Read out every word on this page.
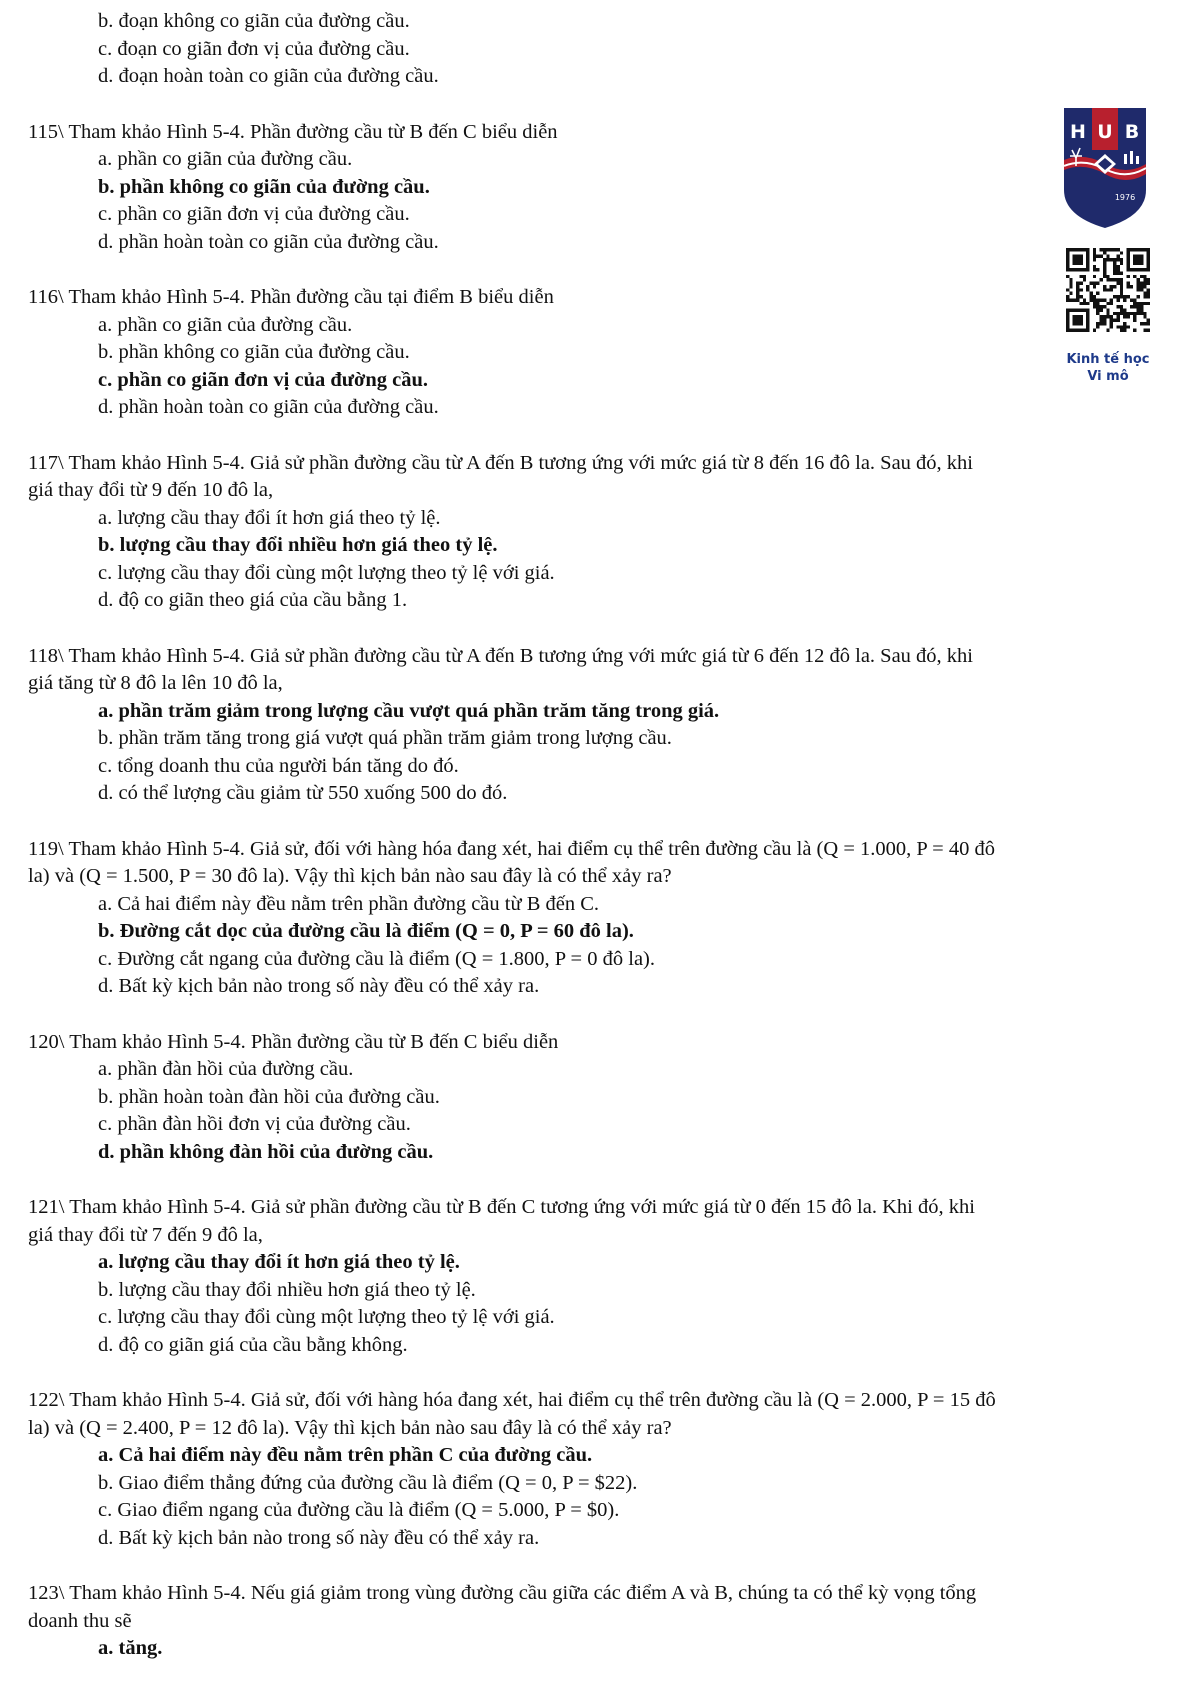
b. đoạn không co giãn của đường cầu.
c. đoạn co giãn đơn vị của đường cầu.
d. đoạn hoàn toàn co giãn của đường cầu.
115\ Tham khảo Hình 5-4. Phần đường cầu từ B đến C biểu diễn
a. phần co giãn của đường cầu.
b. phần không co giãn của đường cầu.
c. phần co giãn đơn vị của đường cầu.
d. phần hoàn toàn co giãn của đường cầu.
116\ Tham khảo Hình 5-4. Phần đường cầu tại điểm B biểu diễn
a. phần co giãn của đường cầu.
b. phần không co giãn của đường cầu.
c. phần co giãn đơn vị của đường cầu.
d. phần hoàn toàn co giãn của đường cầu.
117\ Tham khảo Hình 5-4. Giả sử phần đường cầu từ A đến B tương ứng với mức giá từ 8 đến 16 đô la. Sau đó, khi
giá thay đổi từ 9 đến 10 đô la,
a. lượng cầu thay đổi ít hơn giá theo tỷ lệ.
b. lượng cầu thay đổi nhiều hơn giá theo tỷ lệ.
c. lượng cầu thay đổi cùng một lượng theo tỷ lệ với giá.
d. độ co giãn theo giá của cầu bằng 1.
118\ Tham khảo Hình 5-4. Giả sử phần đường cầu từ A đến B tương ứng với mức giá từ 6 đến 12 đô la. Sau đó, khi
giá tăng từ 8 đô la lên 10 đô la,
a. phần trăm giảm trong lượng cầu vượt quá phần trăm tăng trong giá.
b. phần trăm tăng trong giá vượt quá phần trăm giảm trong lượng cầu.
c. tổng doanh thu của người bán tăng do đó.
d. có thể lượng cầu giảm từ 550 xuống 500 do đó.
119\ Tham khảo Hình 5-4. Giả sử, đối với hàng hóa đang xét, hai điểm cụ thể trên đường cầu là (Q = 1.000, P = 40 đô
la) và (Q = 1.500, P = 30 đô la). Vậy thì kịch bản nào sau đây là có thể xảy ra?
a. Cả hai điểm này đều nằm trên phần đường cầu từ B đến C.
b. Đường cắt dọc của đường cầu là điểm (Q = 0, P = 60 đô la).
c. Đường cắt ngang của đường cầu là điểm (Q = 1.800, P = 0 đô la).
d. Bất kỳ kịch bản nào trong số này đều có thể xảy ra.
120\ Tham khảo Hình 5-4. Phần đường cầu từ B đến C biểu diễn
a. phần đàn hồi của đường cầu.
b. phần hoàn toàn đàn hồi của đường cầu.
c. phần đàn hồi đơn vị của đường cầu.
d. phần không đàn hồi của đường cầu.
121\ Tham khảo Hình 5-4. Giả sử phần đường cầu từ B đến C tương ứng với mức giá từ 0 đến 15 đô la. Khi đó, khi
giá thay đổi từ 7 đến 9 đô la,
a. lượng cầu thay đổi ít hơn giá theo tỷ lệ.
b. lượng cầu thay đổi nhiều hơn giá theo tỷ lệ.
c. lượng cầu thay đổi cùng một lượng theo tỷ lệ với giá.
d. độ co giãn giá của cầu bằng không.
122\ Tham khảo Hình 5-4. Giả sử, đối với hàng hóa đang xét, hai điểm cụ thể trên đường cầu là (Q = 2.000, P = 15 đô
la) và (Q = 2.400, P = 12 đô la). Vậy thì kịch bản nào sau đây là có thể xảy ra?
a. Cả hai điểm này đều nằm trên phần C của đường cầu.
b. Giao điểm thẳng đứng của đường cầu là điểm (Q = 0, P = $22).
c. Giao điểm ngang của đường cầu là điểm (Q = 5.000, P = $0).
d. Bất kỳ kịch bản nào trong số này đều có thể xảy ra.
123\ Tham khảo Hình 5-4. Nếu giá giảm trong vùng đường cầu giữa các điểm A và B, chúng ta có thể kỳ vọng tổng
doanh thu sẽ
a. tăng.
H U B
1976
Kinh tế học
Vi mô
